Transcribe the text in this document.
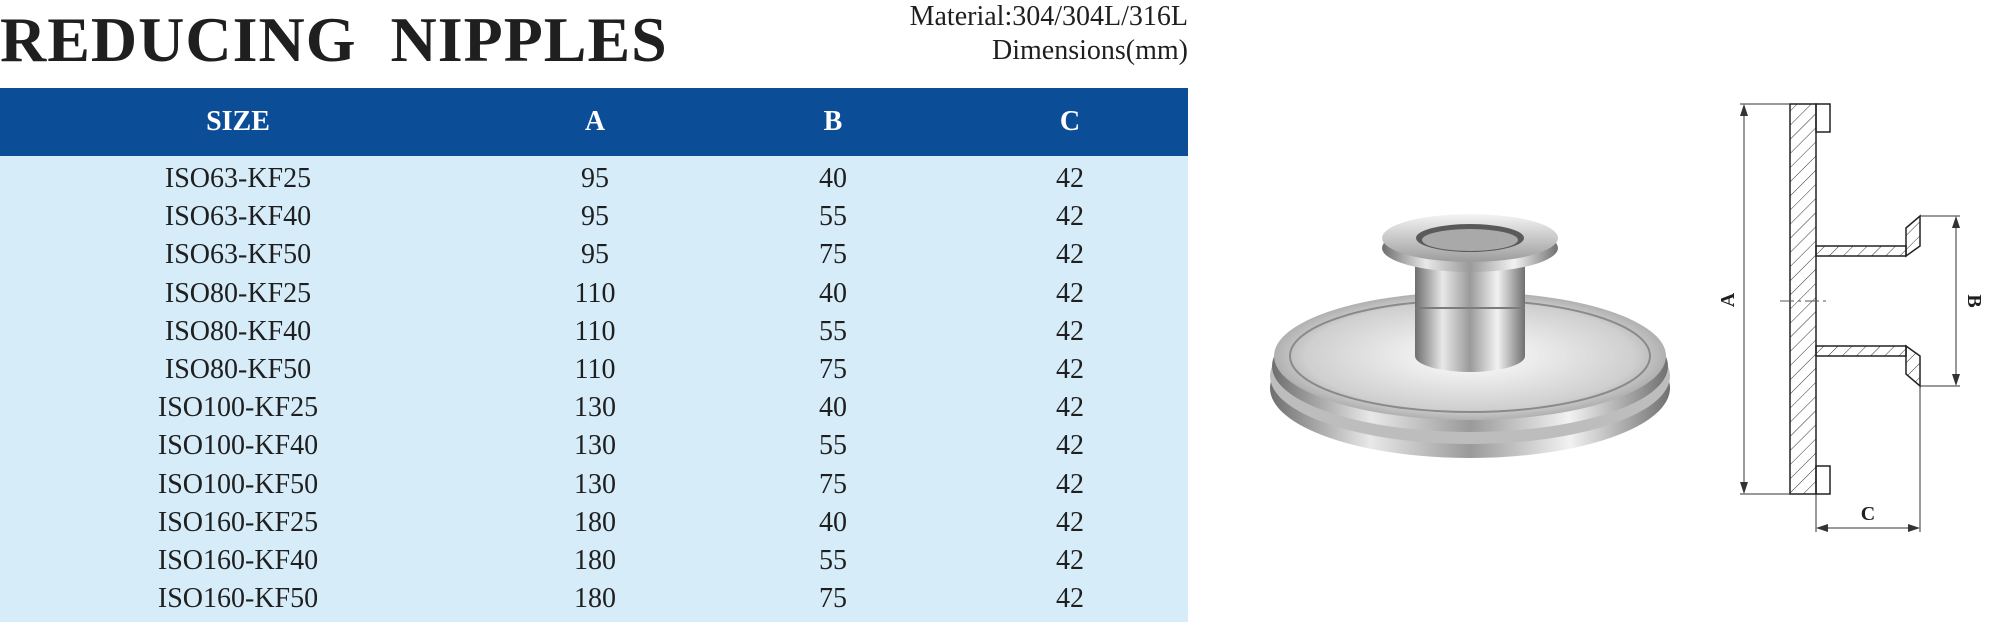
REDUCING  NIPPLES	Material:304/304L/316L
Dimensions(mm)
SIZE	A	B	C
ISO63-KF25	95	40	42
ISO63-KF40	95	55	42
ISO63-KF50	95	75	42
ISO80-KF25	110	40	42
ISO80-KF40	110	55	42
ISO80-KF50	110	75	42
ISO100-KF25	130	40	42
ISO100-KF40	130	55	42
ISO100-KF50	130	75	42
ISO160-KF25	180	40	42
ISO160-KF40	180	55	42
ISO160-KF50	180	75	42
A	B
C
